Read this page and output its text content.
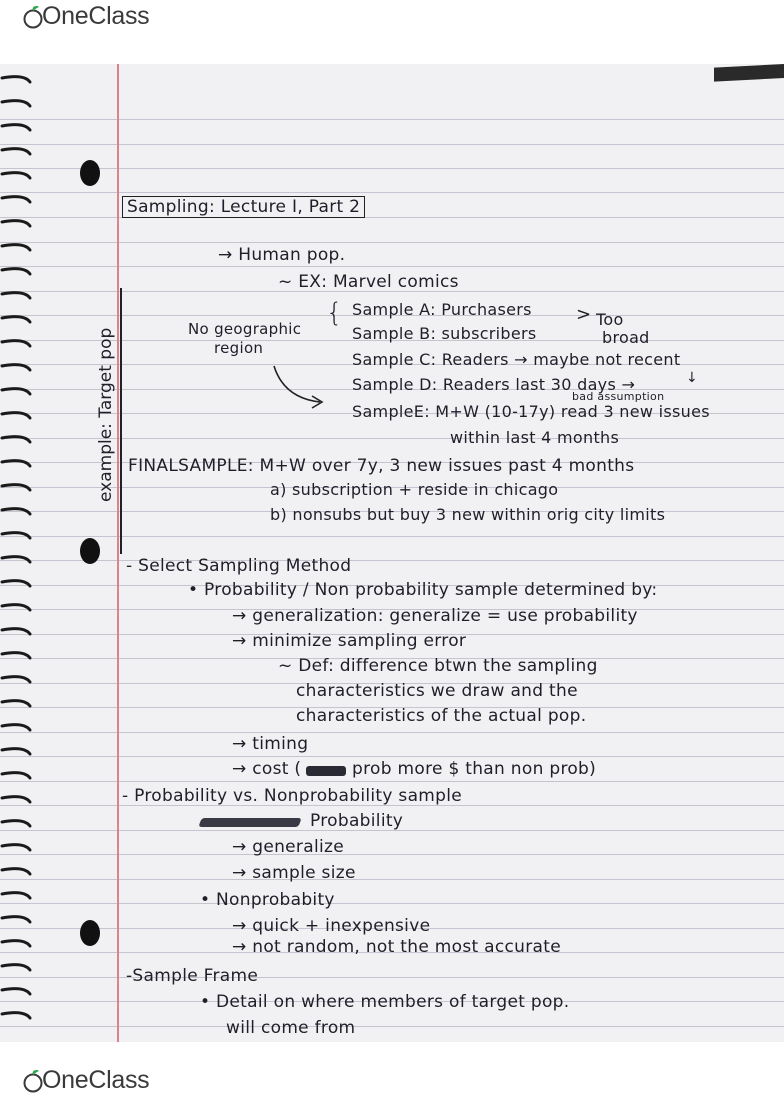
OneClass
example: Target pop
Sampling: Lecture I, Part 2
→ Human pop.
~ EX: Marvel comics
No geographic
region
{ Sample A: Purchasers
Sample B: subscribers
> Too
broad
Sample C: Readers → maybe not recent
Sample D: Readers last 30 days →
bad assumption
↓
SampleE: M+W (10-17y) read 3 new issues
within last 4 months
FINALSAMPLE: M+W over 7y, 3 new issues past 4 months
a) subscription + reside in chicago
b) nonsubs but buy 3 new within orig city limits
- Select Sampling Method
• Probability / Non probability sample determined by:
→ generalization: generalize = use probability
→ minimize sampling error
~ Def: difference btwn the sampling
characteristics we draw and the
characteristics of the actual pop.
→ timing
→ cost (	prob more $ than non prob)
- Probability vs. Nonprobability sample
Probability
→ generalize
→ sample size
• Nonprobabity
→ quick + inexpensive
→ not random, not the most accurate
-Sample Frame
• Detail on where members of target pop.
will come from
OneClass
